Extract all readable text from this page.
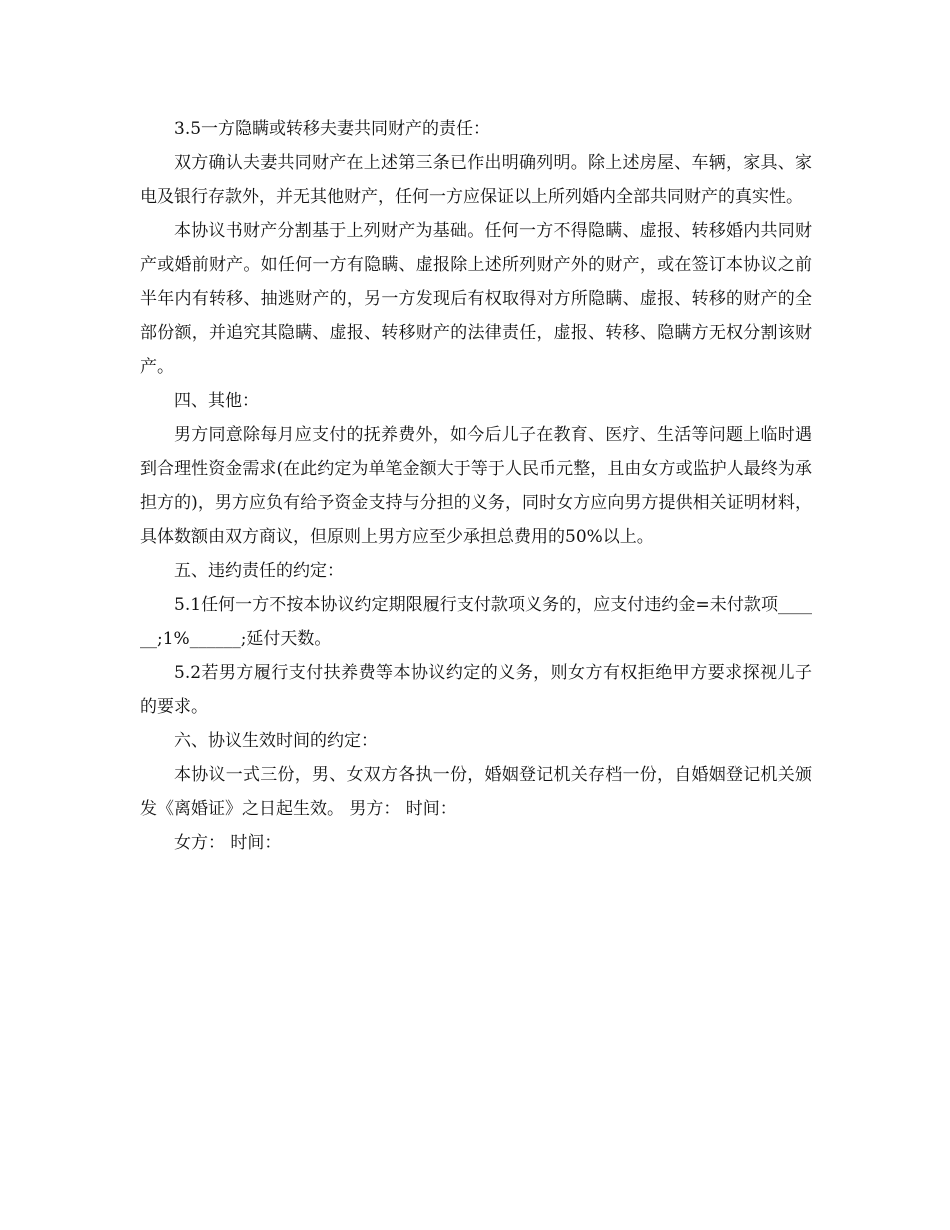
3.5一方隐瞒或转移夫妻共同财产的责任：

双方确认夫妻共同财产在上述第三条已作出明确列明。除上述房屋、车辆，家具、家电及银行存款外，并无其他财产，任何一方应保证以上所列婚内全部共同财产的真实性。

本协议书财产分割基于上列财产为基础。任何一方不得隐瞒、虚报、转移婚内共同财产或婚前财产。如任何一方有隐瞒、虚报除上述所列财产外的财产，或在签订本协议之前半年内有转移、抽逃财产的，另一方发现后有权取得对方所隐瞒、虚报、转移的财产的全部份额，并追究其隐瞒、虚报、转移财产的法律责任，虚报、转移、隐瞒方无权分割该财产。

四、其他：

男方同意除每月应支付的抚养费外，如今后儿子在教育、医疗、生活等问题上临时遇到合理性资金需求(在此约定为单笔金额大于等于人民币元整，且由女方或监护人最终为承担方的)，男方应负有给予资金支持与分担的义务，同时女方应向男方提供相关证明材料，具体数额由双方商议，但原则上男方应至少承担总费用的50%以上。

五、违约责任的约定：

5.1任何一方不按本协议约定期限履行支付款项义务的，应支付违约金=未付款项______;1%______;延付天数。

5.2若男方履行支付扶养费等本协议约定的义务，则女方有权拒绝甲方要求探视儿子的要求。

六、协议生效时间的约定：

本协议一式三份，男、女双方各执一份，婚姻登记机关存档一份，自婚姻登记机关颁发《离婚证》之日起生效。 男方： 时间：

女方： 时间：
